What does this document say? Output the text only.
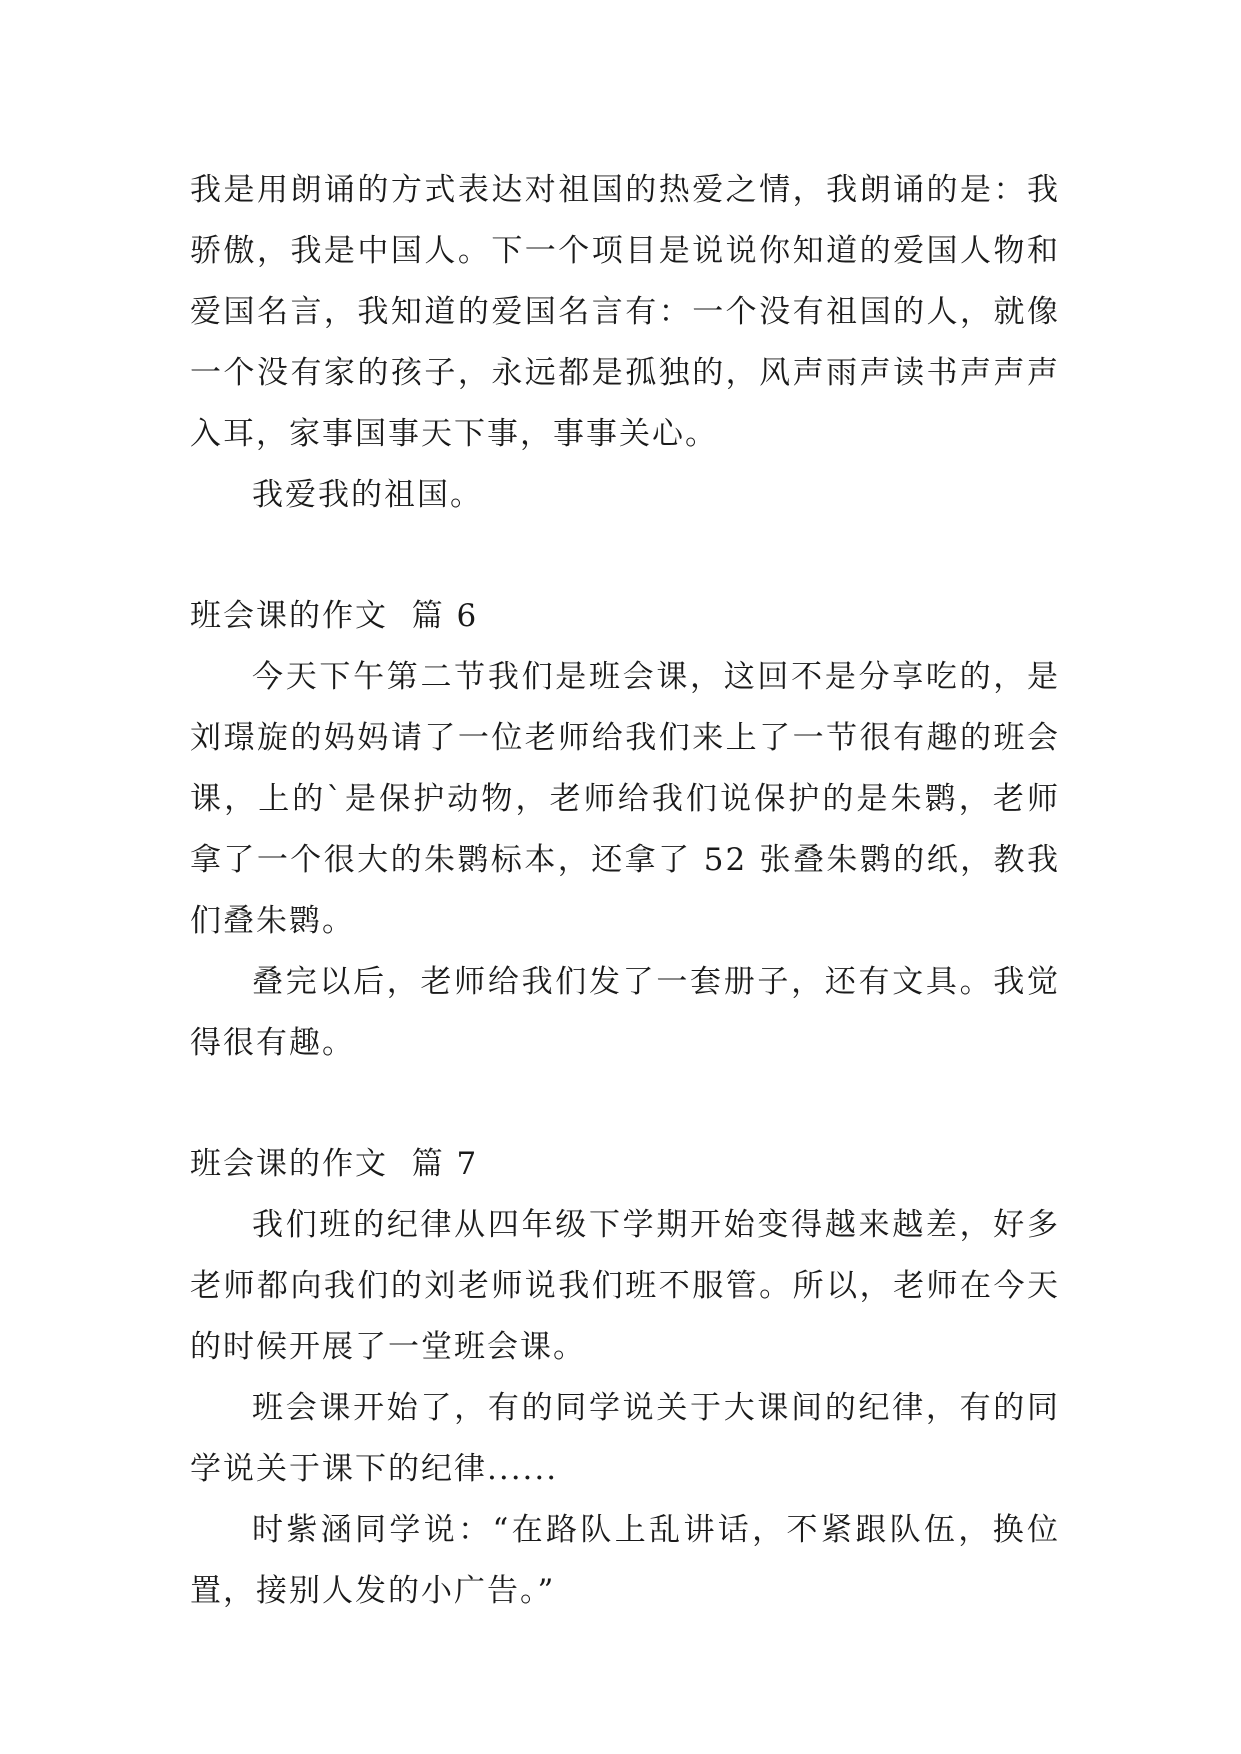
我是用朗诵的方式表达对祖国的热爱之情，我朗诵的是：我骄傲，我是中国人。下一个项目是说说你知道的爱国人物和爱国名言，我知道的爱国名言有：一个没有祖国的人，就像一个没有家的孩子，永远都是孤独的，风声雨声读书声声声入耳，家事国事天下事，事事关心。

我爱我的祖国。

班会课的作文  篇 6

今天下午第二节我们是班会课，这回不是分享吃的，是刘璟旋的妈妈请了一位老师给我们来上了一节很有趣的班会课，上的`是保护动物，老师给我们说保护的是朱鹮，老师拿了一个很大的朱鹮标本，还拿了 52 张叠朱鹮的纸，教我们叠朱鹮。

叠完以后，老师给我们发了一套册子，还有文具。我觉得很有趣。

班会课的作文  篇 7

我们班的纪律从四年级下学期开始变得越来越差，好多老师都向我们的刘老师说我们班不服管。所以，老师在今天的时候开展了一堂班会课。

班会课开始了，有的同学说关于大课间的纪律，有的同学说关于课下的纪律......

时紫涵同学说：“在路队上乱讲话，不紧跟队伍，换位置，接别人发的小广告。”
